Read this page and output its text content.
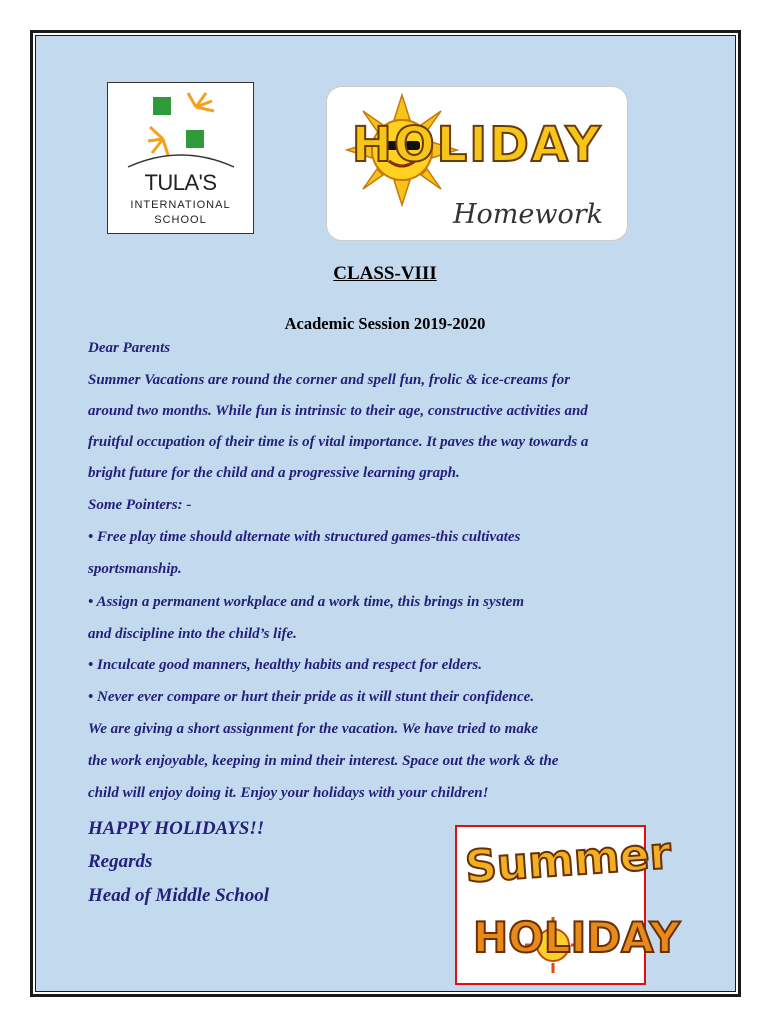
TULA'S
INTERNATIONAL
SCHOOL
HOLIDAY
Homework
CLASS-VIII
Academic Session 2019-2020
Dear Parents
Summer Vacations are round the corner and spell fun, frolic & ice-creams for
around two months. While fun is intrinsic to their age, constructive activities and
fruitful occupation of their time is of vital importance. It paves the way towards a
bright future for the child and a progressive learning graph.
Some Pointers: -
• Free play time should alternate with structured games-this cultivates
sportsmanship.
• Assign a permanent workplace and a work time, this brings in system
and discipline into the child’s life.
• Inculcate good manners, healthy habits and respect for elders.
• Never ever compare or hurt their pride as it will stunt their confidence.
We are giving a short assignment for the vacation. We have tried to make
the work enjoyable, keeping in mind their interest. Space out the work & the
child will enjoy doing it. Enjoy your holidays with your children!
HAPPY HOLIDAYS!!
Regards
Head of Middle School
Summer
HOLIDAY
